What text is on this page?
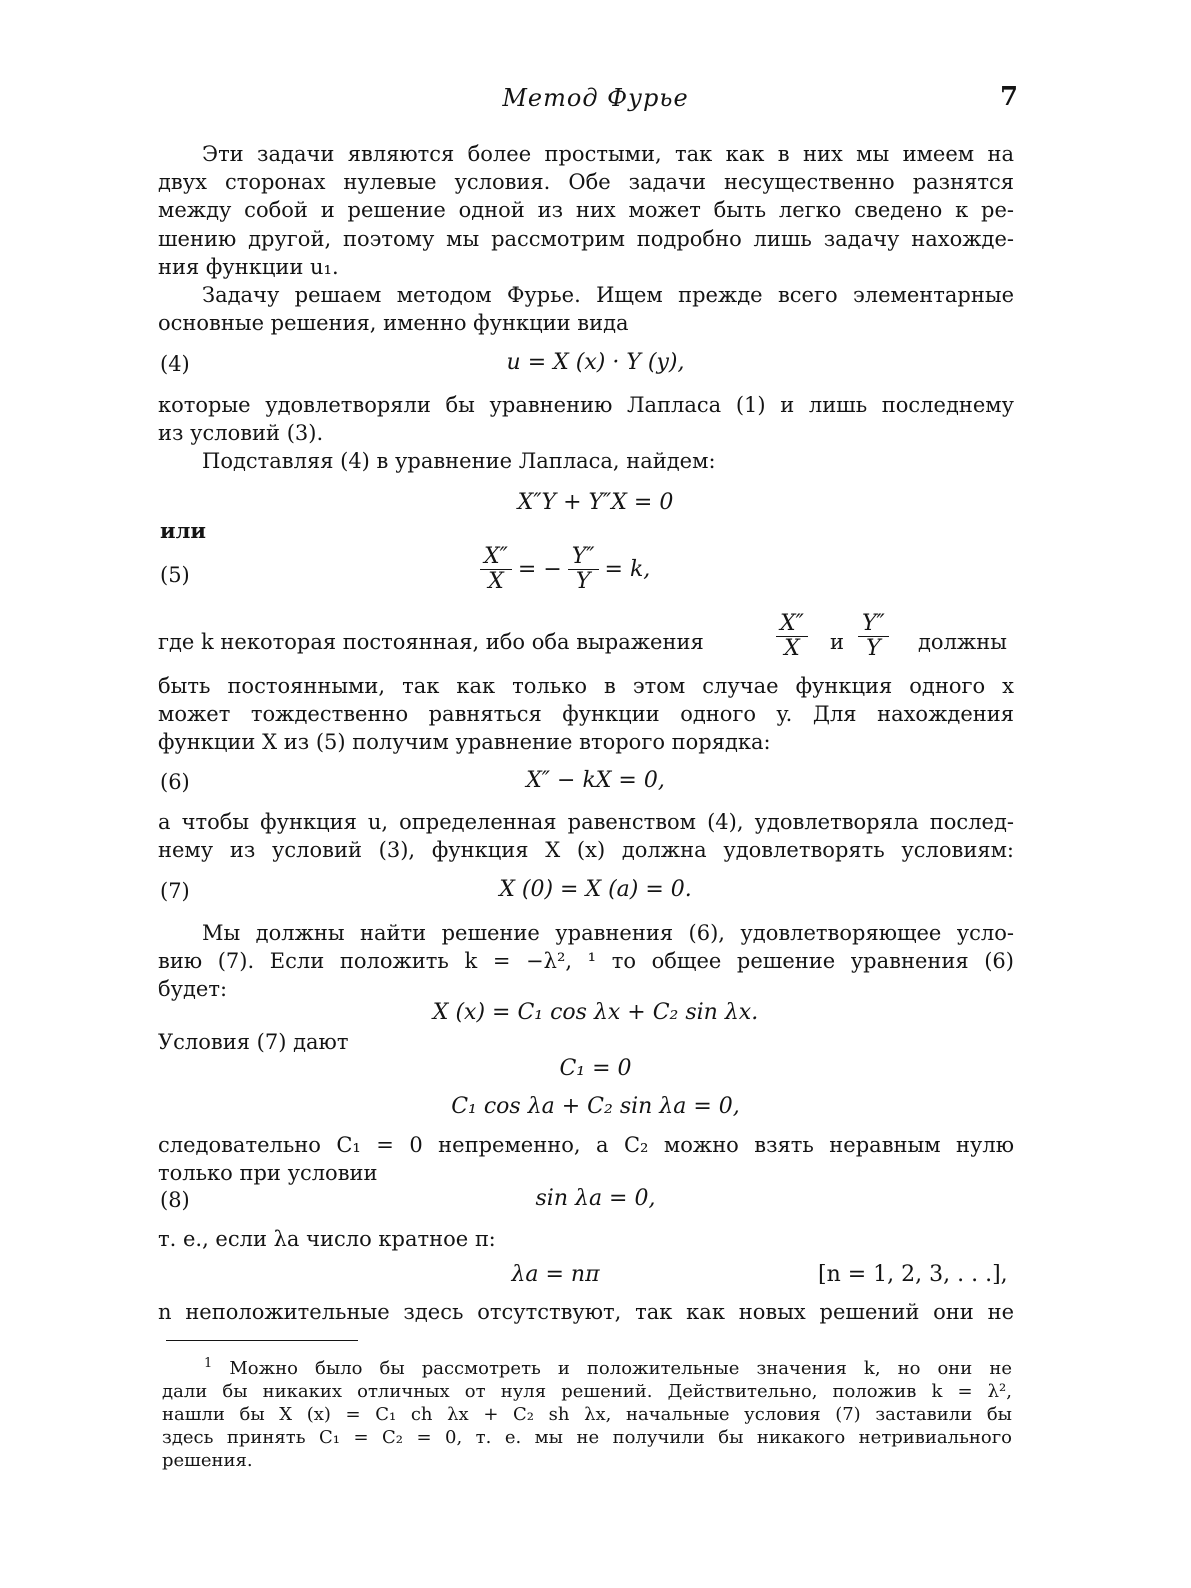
Метод Фурье	7
Эти задачи являются более простыми, так как в них мы имеем на
двух сторонах нулевые условия. Обе задачи несущественно разнятся
между собой и решение одной из них может быть легко сведено к ре-
шению другой, поэтому мы рассмотрим подробно лишь задачу нахожде-
ния функции u₁.
Задачу решаем методом Фурье. Ищем прежде всего элементарные
основные решения, именно функции вида
(4)	u = X (x) · Y (y),
которые удовлетворяли бы уравнению Лапласа (1) и лишь последнему
из условий (3).
Подставляя (4) в уравнение Лапласа, найдем:
X″Y + Y″X = 0
или
(5)	$\frac{X''}{X}$ = − $\frac{Y''}{Y} = k$,
где k некоторая постоянная, ибо оба выражения	$\frac{X''}{X}$ и $\frac{Y''}{Y}$ должны
быть постоянными, так как только в этом случае функция одного x
может тождественно равняться функции одного y. Для нахождения
функции X из (5) получим уравнение второго порядка:
(6)	X″ − kX = 0,
а чтобы функция u, определенная равенством (4), удовлетворяла послед-
нему из условий (3), функция X (x) должна удовлетворять условиям:
(7)	X (0) = X (a) = 0.
Мы должны найти решение уравнения (6), удовлетворяющее усло-
вию (7). Если положить k = −λ², ¹ то общее решение уравнения (6)
будет:
X (x) = C₁ cos λx + C₂ sin λx.
Условия (7) дают
C₁ = 0
C₁ cos λa + C₂ sin λa = 0,
следовательно C₁ = 0 непременно, а C₂ можно взять неравным нулю
только при условии
(8)	sin λa = 0,
т. е., если λa число кратное π:
λa = nπ	[n = 1, 2, 3, . . .],
n неположительные здесь отсутствуют, так как новых решений они не
$^1$ Можно было бы рассмотреть и положительные значения k, но они не
дали бы никаких отличных от нуля решений. Действительно, положив k = λ²,
нашли бы X (x) = C₁ ch λx + C₂ sh λx, начальные условия (7) заставили бы
здесь принять C₁ = C₂ = 0, т. е. мы не получили бы никакого нетривиального
решения.
